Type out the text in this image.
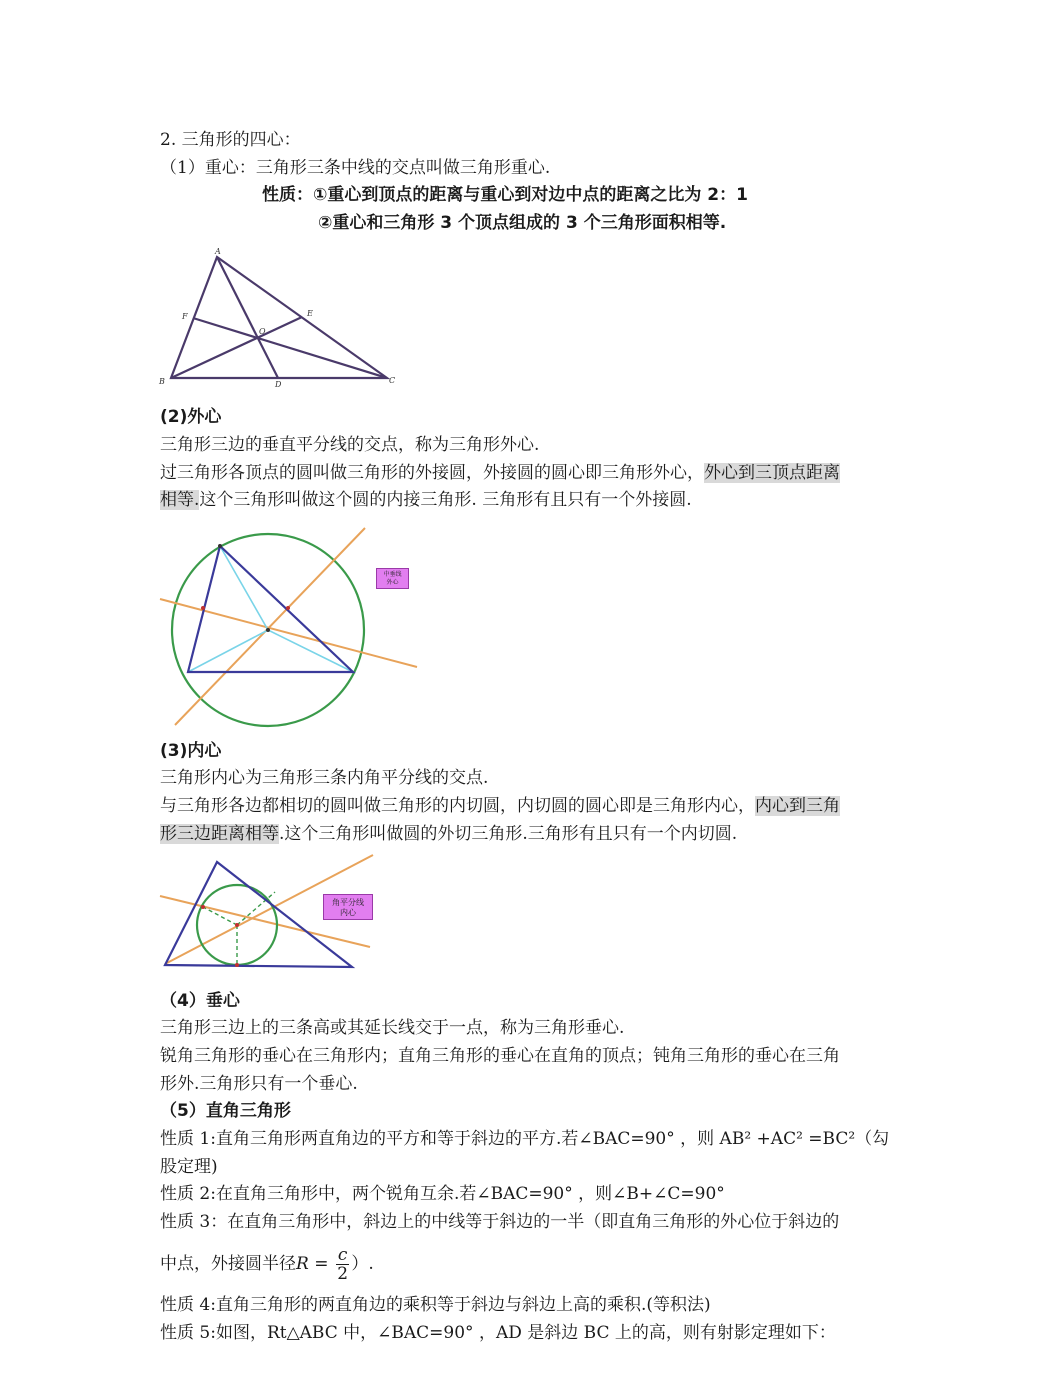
2. 三角形的四心：
（1）重心：三角形三条中线的交点叫做三角形重心.
性质：①重心到顶点的距离与重心到对边中点的距离之比为 2：1
②重心和三角形 3 个顶点组成的 3 个三角形面积相等.
A
B	C
D
E
F
O
(2)外心
三角形三边的垂直平分线的交点，称为三角形外心.
过三角形各顶点的圆叫做三角形的外接圆，外接圆的圆心即三角形外心，外心到三顶点距离
相等.这个三角形叫做这个圆的内接三角形. 三角形有且只有一个外接圆.
中垂线
外心
(3)内心
三角形内心为三角形三条内角平分线的交点.
与三角形各边都相切的圆叫做三角形的内切圆，内切圆的圆心即是三角形内心，内心到三角
形三边距离相等.这个三角形叫做圆的外切三角形.三角形有且只有一个内切圆.
角平分线
内心
（4）垂心
三角形三边上的三条高或其延长线交于一点，称为三角形垂心.
锐角三角形的垂心在三角形内；直角三角形的垂心在直角的顶点；钝角三角形的垂心在三角
形外.三角形只有一个垂心.
（5）直角三角形
性质 1:直角三角形两直角边的平方和等于斜边的平方.若∠BAC=90° ，则 AB² +AC² =BC²（勾
股定理)
性质 2:在直角三角形中，两个锐角互余.若∠BAC=90° ，则∠B+∠C=90°
性质 3：在直角三角形中，斜边上的中线等于斜边的一半（即直角三角形的外心位于斜边的
中点，外接圆半径$R = \frac{c}{2}$ ）.
性质 4:直角三角形的两直角边的乘积等于斜边与斜边上高的乘积.(等积法)
性质 5:如图，Rt△ABC 中，∠BAC=90° ，AD 是斜边 BC 上的高，则有射影定理如下：
